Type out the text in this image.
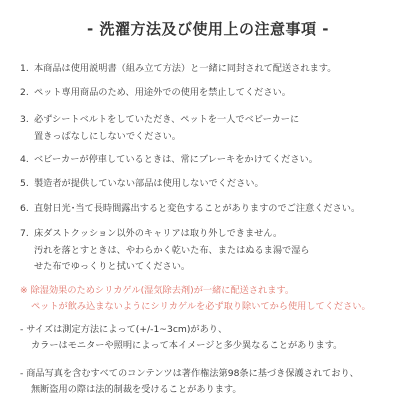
- 洗濯方法及び使用上の注意事項 -
1. 本商品は使用説明書（組み立て方法）と一緒に同封されて配送されます。
2. ペット専用商品のため、用途外での使用を禁止してください。
3. 必ずシートベルトをしていただき、ペットを一人でベビーカーに
置きっぱなしにしないでください。
4. ベビーカーが停車しているときは、常にブレーキをかけてください。
5. 製造者が提供していない部品は使用しないでください。
6. 直射日光･当て長時間露出すると変色することがありますのでご注意ください。
7. 床ダストクッション以外のキャリアは取り外しできません。
汚れを落とすときは、やわらかく乾いた布、またはぬるま湯で湿ら
せた布でゆっくりと拭いてください。
※ 除湿効果のためシリカゲル(湿気除去剤)が一緒に配送されます。
ペットが飲み込まないようにシリカゲルを必ず取り除いてから使用してください。
- サイズは測定方法によって(+/-1~3cm)があり、
カラーはモニターや照明によって本イメージと多少異なることがあります。
- 商品写真を含むすべてのコンテンツは著作権法第98条に基づき保護されており、
無断盗用の際は法的制裁を受けることがあります。
